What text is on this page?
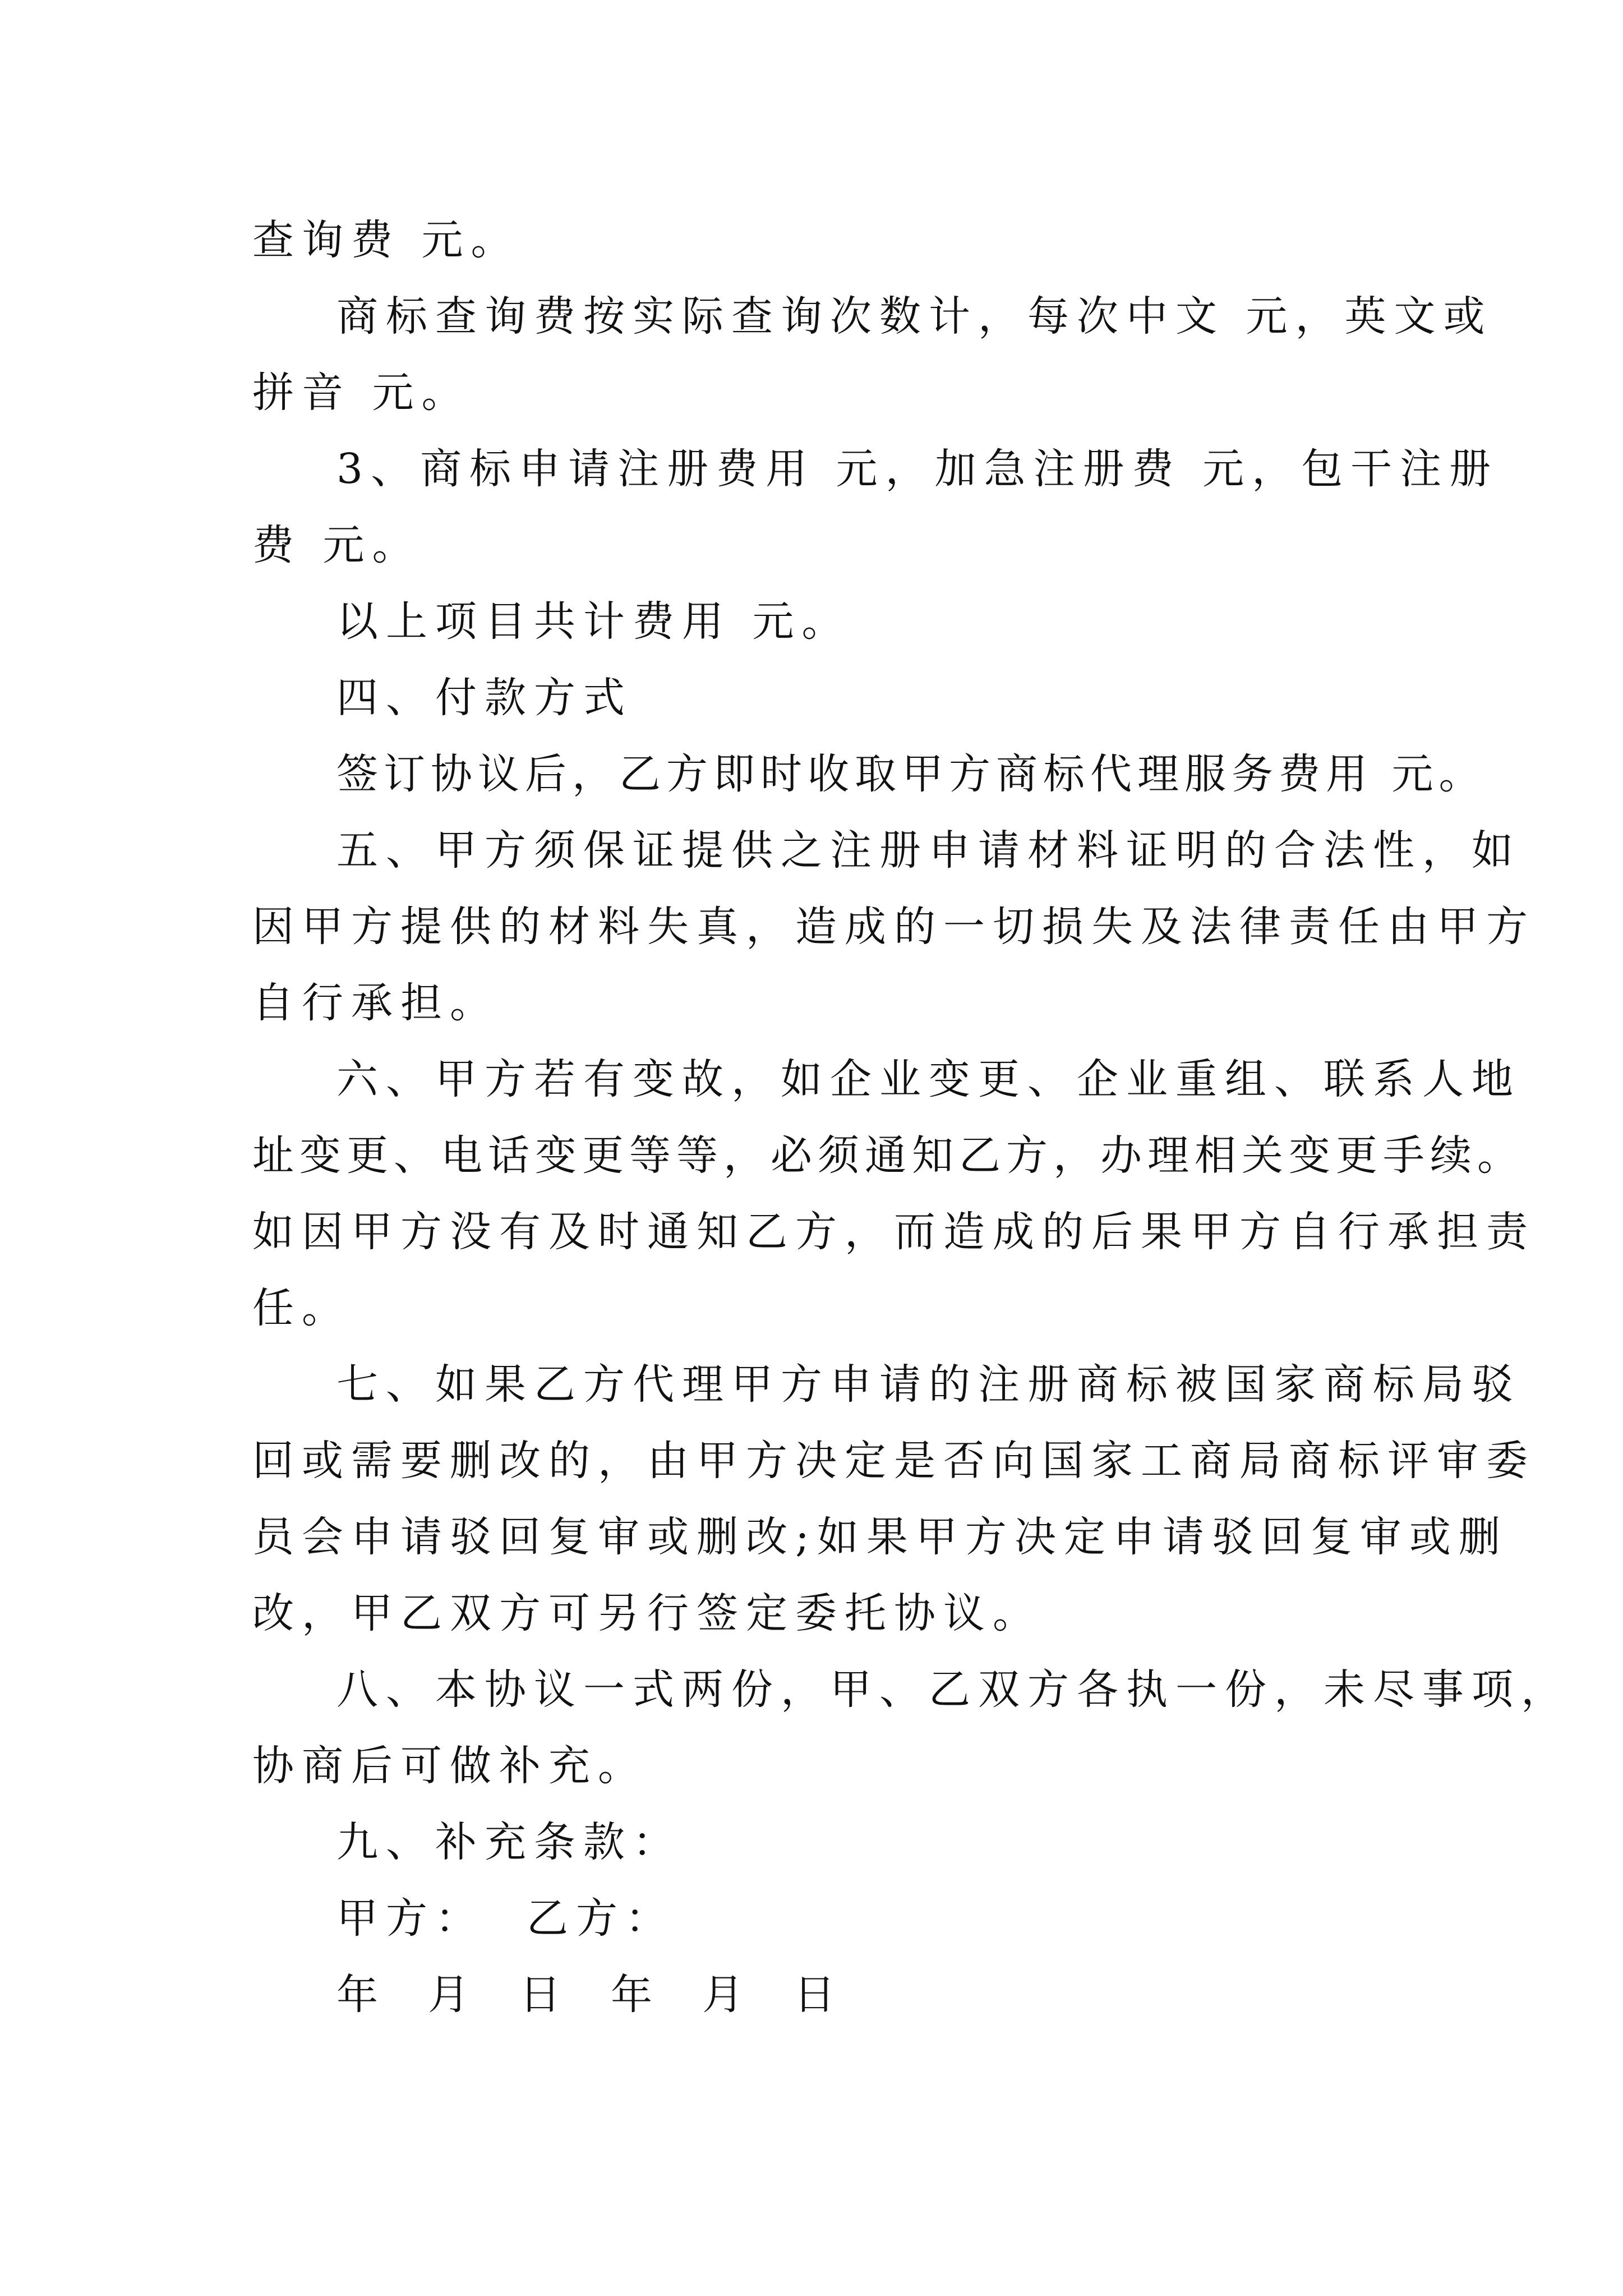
查询费 元。
商标查询费按实际查询次数计，每次中文 元，英文或
拼音 元。
3、商标申请注册费用 元，加急注册费 元，包干注册
费 元。
以上项目共计费用 元。
四、付款方式
签订协议后，乙方即时收取甲方商标代理服务费用 元。
五、甲方须保证提供之注册申请材料证明的合法性，如
因甲方提供的材料失真，造成的一切损失及法律责任由甲方
自行承担。
六、甲方若有变故，如企业变更、企业重组、联系人地
址变更、电话变更等等，必须通知乙方，办理相关变更手续。
如因甲方没有及时通知乙方，而造成的后果甲方自行承担责
任。
七、如果乙方代理甲方申请的注册商标被国家商标局驳
回或需要删改的，由甲方决定是否向国家工商局商标评审委
员会申请驳回复审或删改;如果甲方决定申请驳回复审或删
改，甲乙双方可另行签定委托协议。
八、本协议一式两份，甲、乙双方各执一份，未尽事项，
协商后可做补充。
九、补充条款：
甲方：  乙方：
年  月  日  年  月  日
